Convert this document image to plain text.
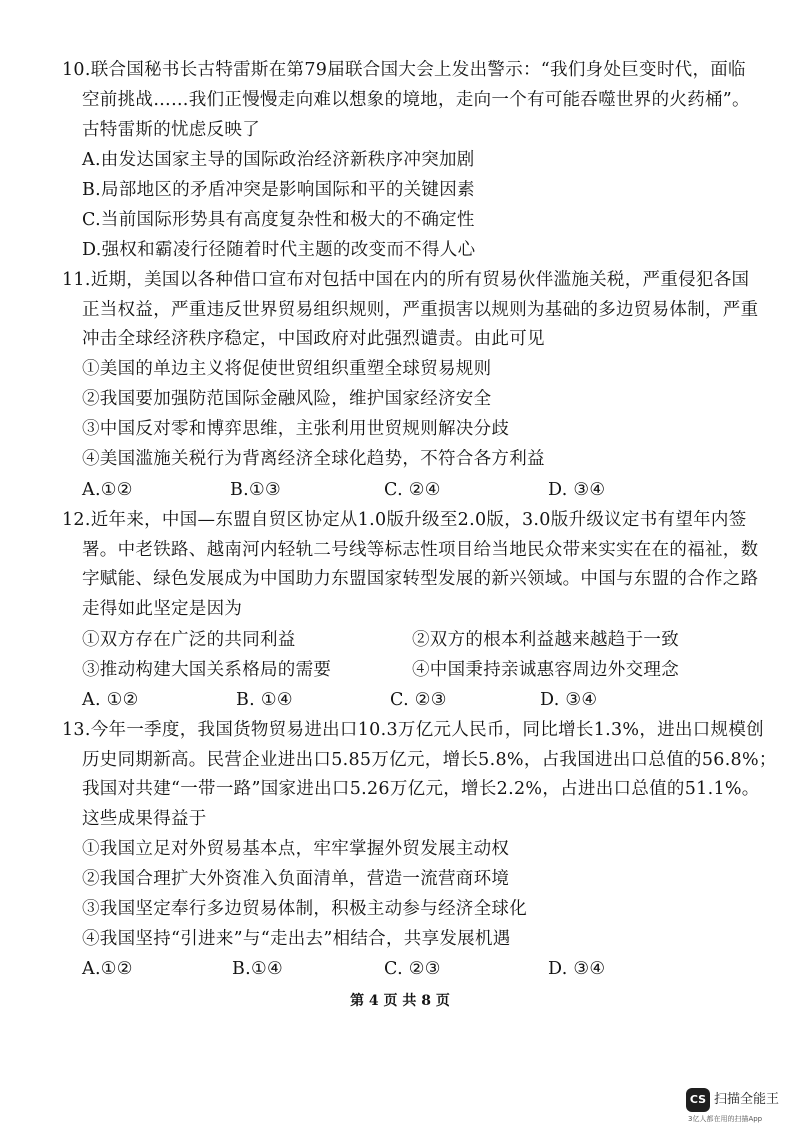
10.联合国秘书长古特雷斯在第79届联合国大会上发出警示：“我们身处巨变时代，面临
空前挑战……我们正慢慢走向难以想象的境地，走向一个有可能吞噬世界的火药桶”。
古特雷斯的忧虑反映了
A.由发达国家主导的国际政治经济新秩序冲突加剧
B.局部地区的矛盾冲突是影响国际和平的关键因素
C.当前国际形势具有高度复杂性和极大的不确定性
D.强权和霸凌行径随着时代主题的改变而不得人心
11.近期，美国以各种借口宣布对包括中国在内的所有贸易伙伴滥施关税，严重侵犯各国
正当权益，严重违反世界贸易组织规则，严重损害以规则为基础的多边贸易体制，严重
冲击全球经济秩序稳定，中国政府对此强烈谴责。由此可见
①美国的单边主义将促使世贸组织重塑全球贸易规则
②我国要加强防范国际金融风险，维护国家经济安全
③中国反对零和博弈思维，主张利用世贸规则解决分歧
④美国滥施关税行为背离经济全球化趋势，不符合各方利益
A.①②	B.①③	C. ②④	D. ③④
12.近年来，中国—东盟自贸区协定从1.0版升级至2.0版，3.0版升级议定书有望年内签
署。中老铁路、越南河内轻轨二号线等标志性项目给当地民众带来实实在在的福祉，数
字赋能、绿色发展成为中国助力东盟国家转型发展的新兴领域。中国与东盟的合作之路
走得如此坚定是因为
①双方存在广泛的共同利益	②双方的根本利益越来越趋于一致
③推动构建大国关系格局的需要	④中国秉持亲诚惠容周边外交理念
A. ①②	B. ①④	C. ②③	D. ③④
13.今年一季度，我国货物贸易进出口10.3万亿元人民币，同比增长1.3%，进出口规模创
历史同期新高。民营企业进出口5.85万亿元，增长5.8%，占我国进出口总值的56.8%；
我国对共建“一带一路”国家进出口5.26万亿元，增长2.2%，占进出口总值的51.1%。
这些成果得益于
①我国立足对外贸易基本点，牢牢掌握外贸发展主动权
②我国合理扩大外资准入负面清单，营造一流营商环境
③我国坚定奉行多边贸易体制，积极主动参与经济全球化
④我国坚持“引进来”与“走出去”相结合，共享发展机遇
A.①②	B.①④	C. ②③	D. ③④
第 4 页 共 8 页
CS 扫描全能王
3亿人都在用的扫描App
